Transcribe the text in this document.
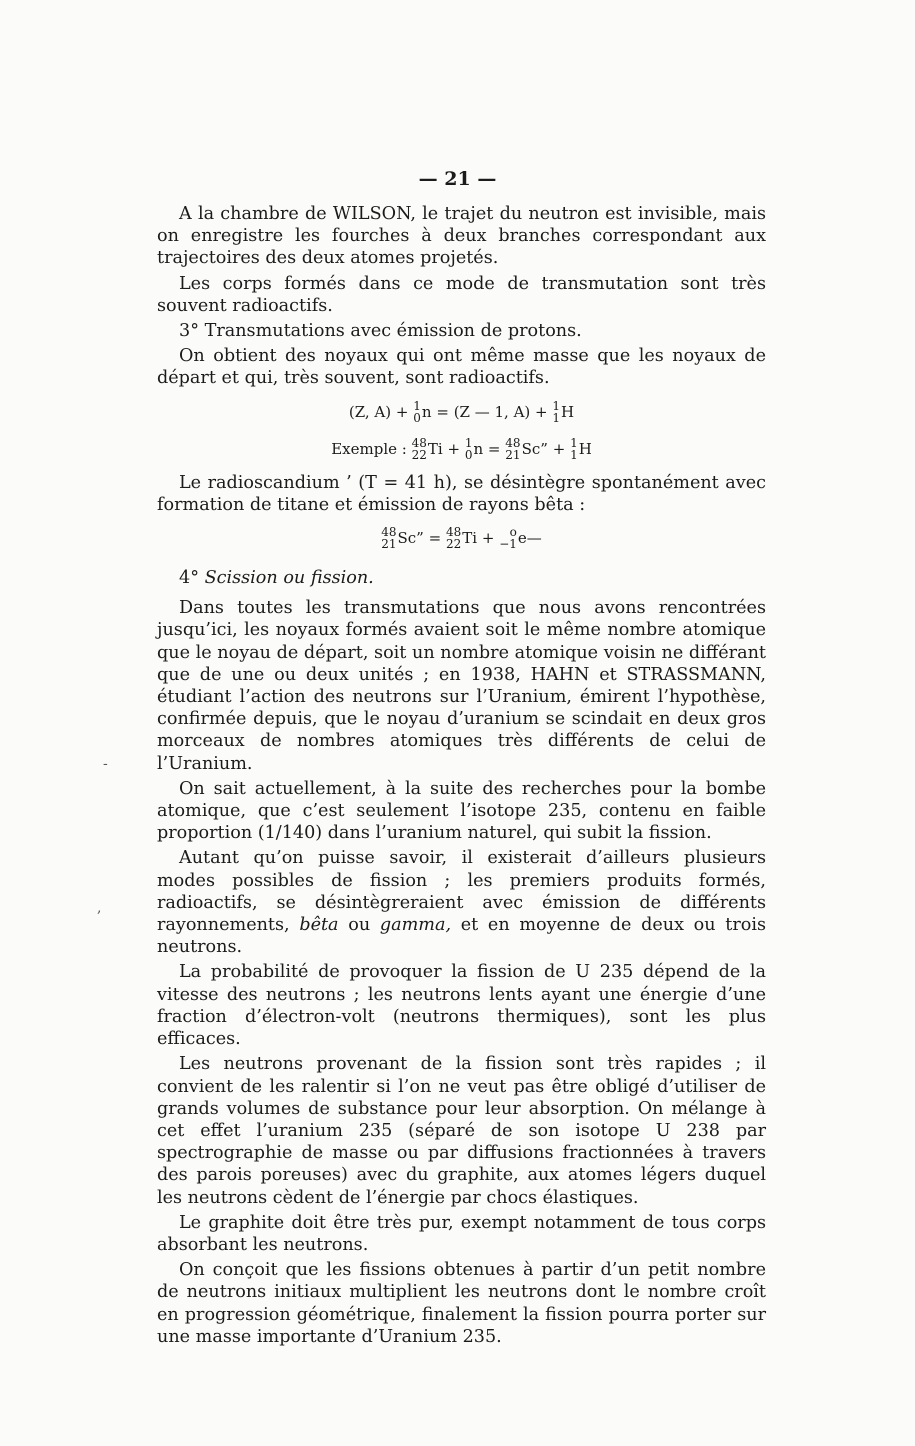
— 21 —
-
,

A la chambre de WILSON, le trajet du neutron est invisible, mais on enregistre les fourches à deux branches correspondant aux trajectoires des deux atomes projetés.

Les corps formés dans ce mode de transmutation sont très souvent radioactifs.

3° Transmutations avec émission de protons.

On obtient des noyaux qui ont même masse que les noyaux de départ et qui, très souvent, sont radioactifs.

(Z, A) + 1
0 n = (Z — 1, A) + 1
1 H
Exemple : 48
22 Ti + 1
0 n = 48
21 Sc” + 1
1 H

Le radioscandium ’ (T = 41 h), se désintègre spontanément avec formation de titane et émission de rayons bêta :

48
21 Sc” = 48
22 Ti +	o
−1 e—

4° Scission ou fission.

Dans toutes les transmutations que nous avons rencontrées jusqu’ici, les noyaux formés avaient soit le même nombre atomique que le noyau de départ, soit un nombre atomique voisin ne différant que de une ou deux unités ; en 1938, HAHN et STRASSMANN, étudiant l’action des neutrons sur l’Uranium, émirent l’hypothèse, confirmée depuis, que le noyau d’uranium se scindait en deux gros morceaux de nombres atomiques très différents de celui de l’Uranium.

On sait actuellement, à la suite des recherches pour la bombe atomique, que c’est seulement l’isotope 235, contenu en faible proportion (1/140) dans l’uranium naturel, qui subit la fission.

Autant qu’on puisse savoir, il existerait d’ailleurs plusieurs modes possibles de fission ; les premiers produits formés, radioactifs, se désintègreraient avec émission de différents rayonnements, bêta ou gamma, et en moyenne de deux ou trois neutrons.

La probabilité de provoquer la fission de U 235 dépend de la vitesse des neutrons ; les neutrons lents ayant une énergie d’une fraction d’électron-volt (neutrons thermiques), sont les plus efficaces.

Les neutrons provenant de la fission sont très rapides ; il convient de les ralentir si l’on ne veut pas être obligé d’utiliser de grands volumes de substance pour leur absorption. On mélange à cet effet l’uranium 235 (séparé de son isotope U 238 par spectrographie de masse ou par diffusions fractionnées à travers des parois poreuses) avec du graphite, aux atomes légers duquel les neutrons cèdent de l’énergie par chocs élastiques.

Le graphite doit être très pur, exempt notamment de tous corps absorbant les neutrons.

On conçoit que les fissions obtenues à partir d’un petit nombre de neutrons initiaux multiplient les neutrons dont le nombre croît en progression géométrique, finalement la fission pourra porter sur une masse importante d’Uranium 235.
